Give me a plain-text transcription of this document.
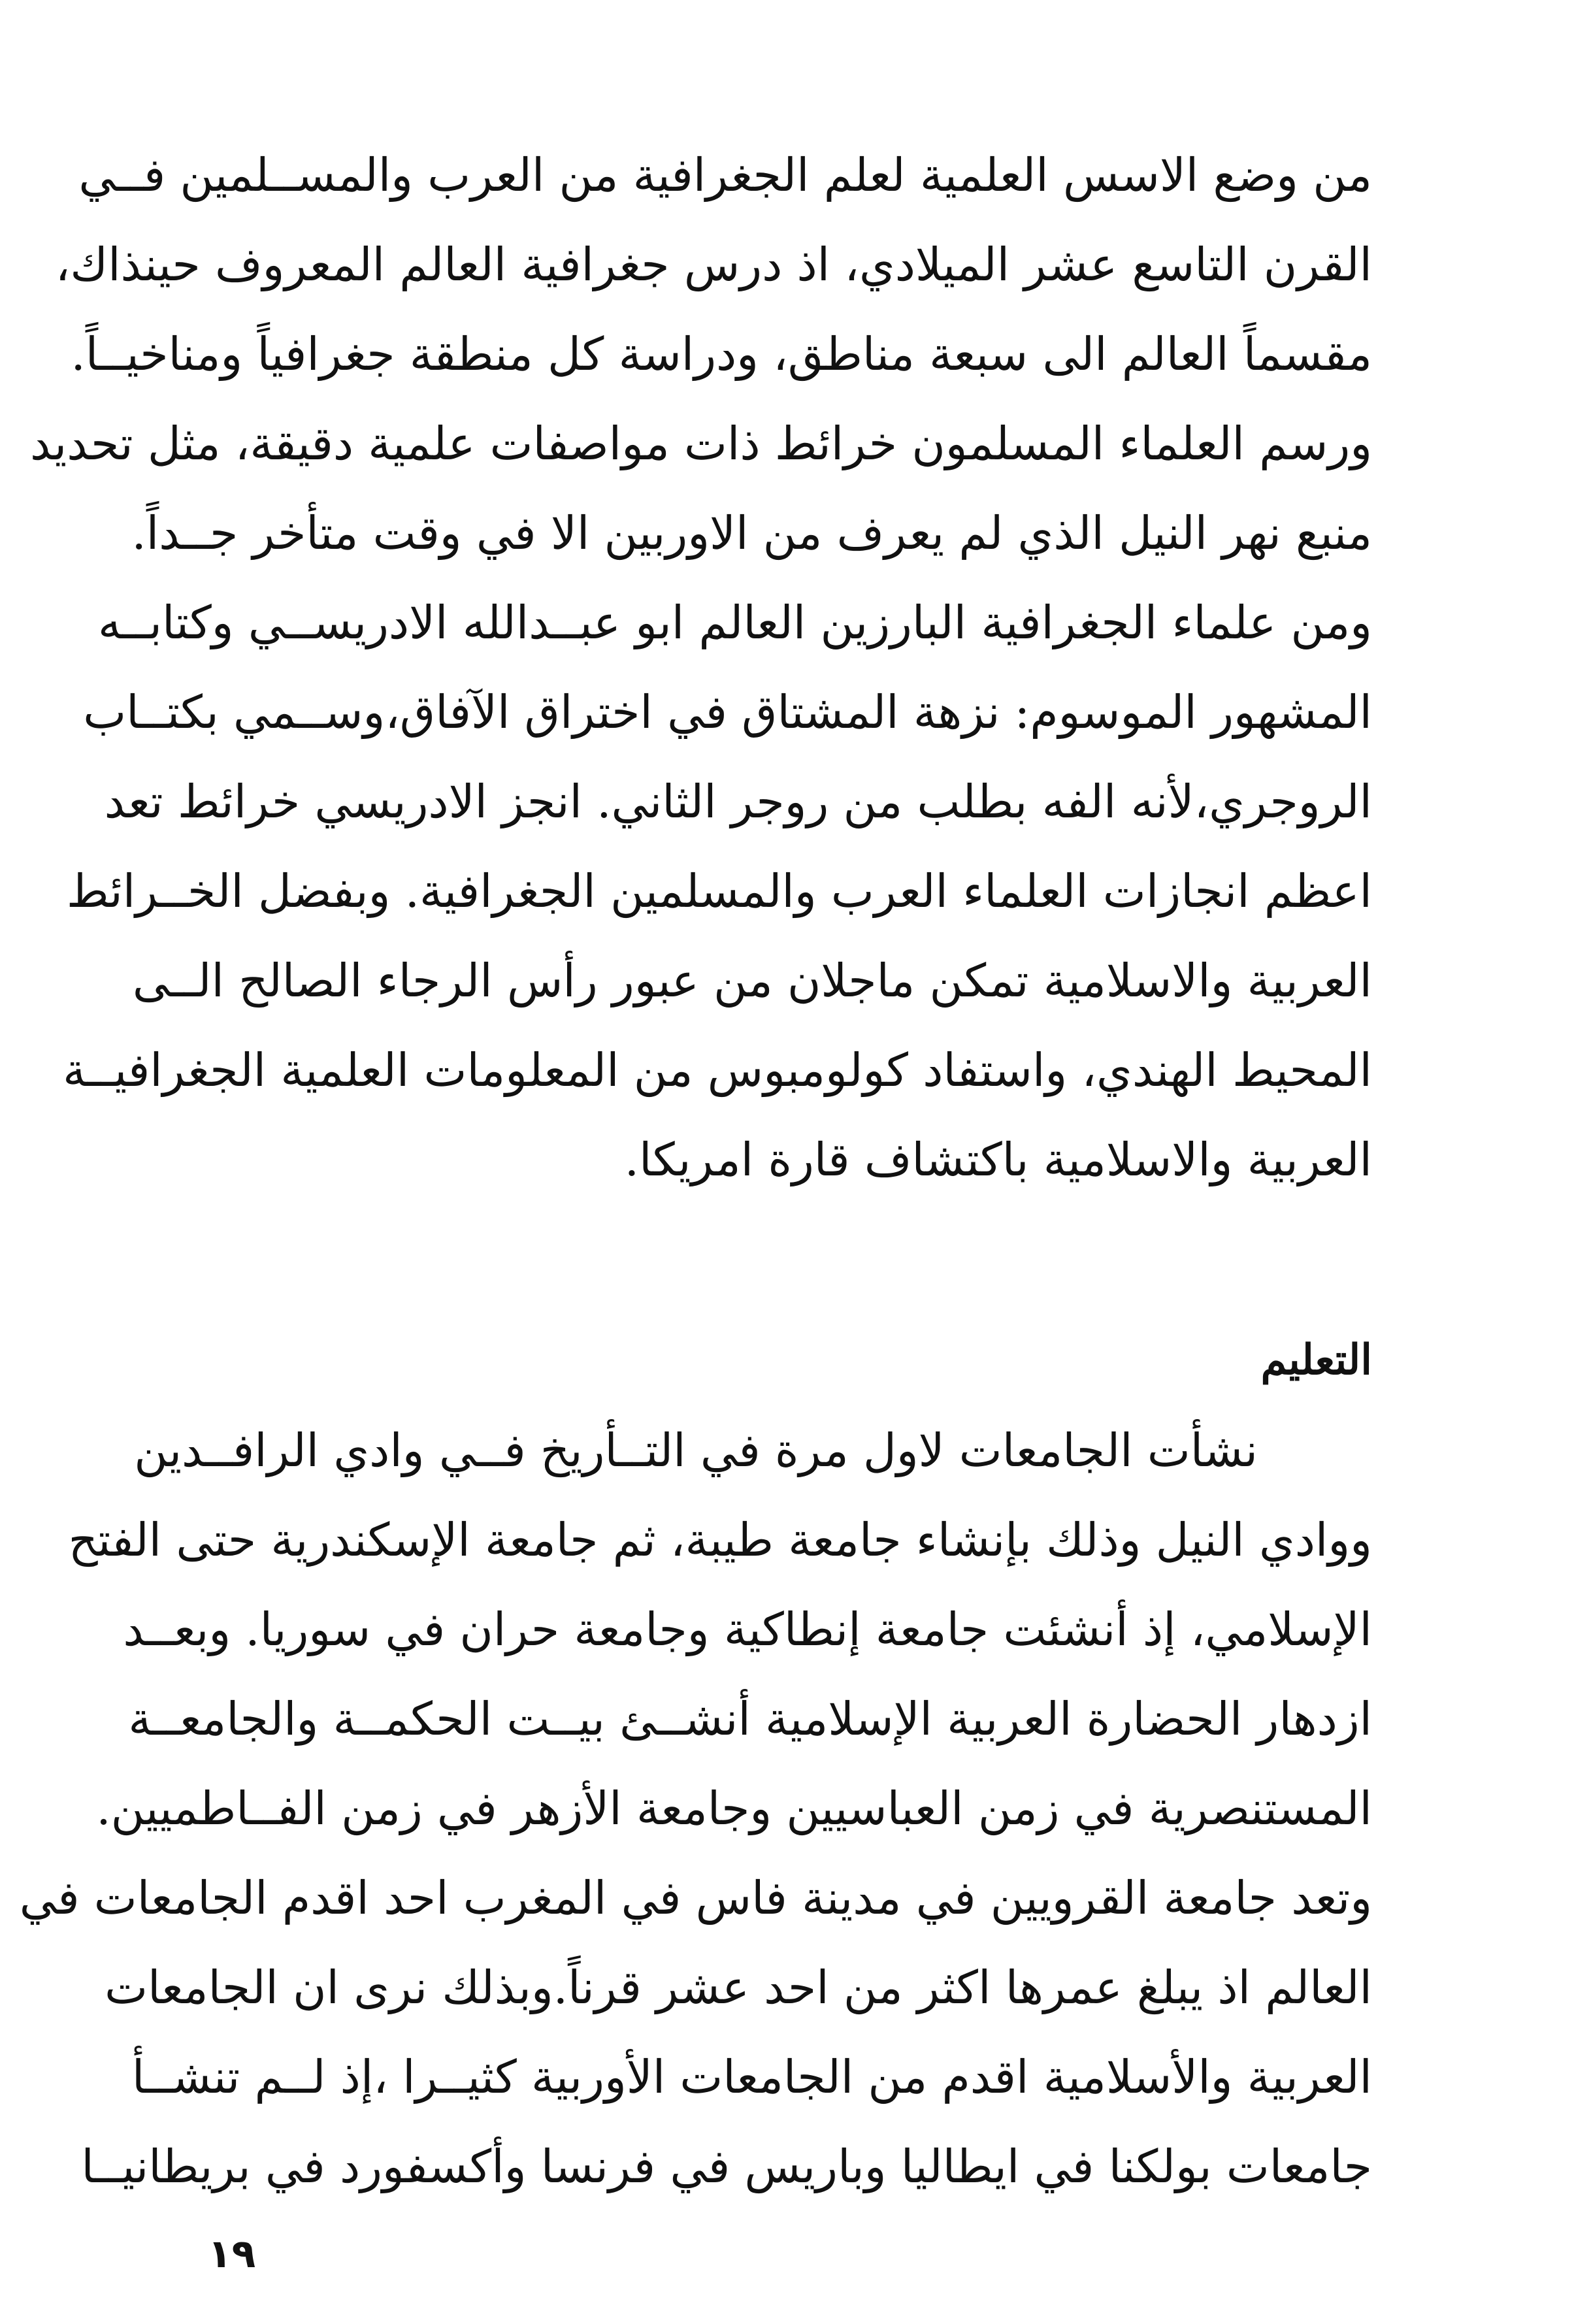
من وضع الاسس العلمية لعلم الجغرافية من العرب والمســلمين فــي
القرن التاسع عشر الميلادي، اذ درس جغرافية العالم المعروف حينذاك،
مقسماً العالم الى سبعة مناطق، ودراسة كل منطقة جغرافياً ومناخيــاً.
ورسم العلماء المسلمون خرائط ذات مواصفات علمية دقيقة، مثل تحديد
منبع نهر النيل الذي لم يعرف من الاوربين الا في وقت متأخر جــداً.
ومن علماء الجغرافية البارزين العالم ابو عبــدالله الادريســي وكتابــه
المشهور الموسوم: نزهة المشتاق في اختراق الآفاق،وســمي بكتــاب
الروجري،لأنه الفه بطلب من روجر الثاني. انجز الادريسي خرائط تعد
اعظم انجازات العلماء العرب والمسلمين الجغرافية. وبفضل الخــرائط
العربية والاسلامية تمكن ماجلان من عبور رأس الرجاء الصالح الــى
المحيط الهندي، واستفاد كولومبوس من المعلومات العلمية الجغرافيــة
العربية والاسلامية باكتشاف قارة امريكا.
التعليم
نشأت الجامعات لاول مرة في التــأريخ فــي وادي الرافــدين
ووادي النيل وذلك بإنشاء جامعة طيبة، ثم جامعة الإسكندرية حتى الفتح
الإسلامي، إذ أنشئت جامعة إنطاكية وجامعة حران في سوريا. وبعــد
ازدهار الحضارة العربية الإسلامية أنشــئ بيــت الحكمــة والجامعــة
المستنصرية في زمن العباسيين وجامعة الأزهر في زمن الفــاطميين.
وتعد جامعة القرويين في مدينة فاس في المغرب احد اقدم الجامعات في
العالم اذ يبلغ عمرها اكثر من احد عشر قرناً.وبذلك نرى ان الجامعات
العربية والأسلامية اقدم من الجامعات الأوربية كثيــرا ،إذ لــم تنشــأ
جامعات بولكنا في ايطاليا وباريس في فرنسا وأكسفورد في بريطانيــا
١٩
